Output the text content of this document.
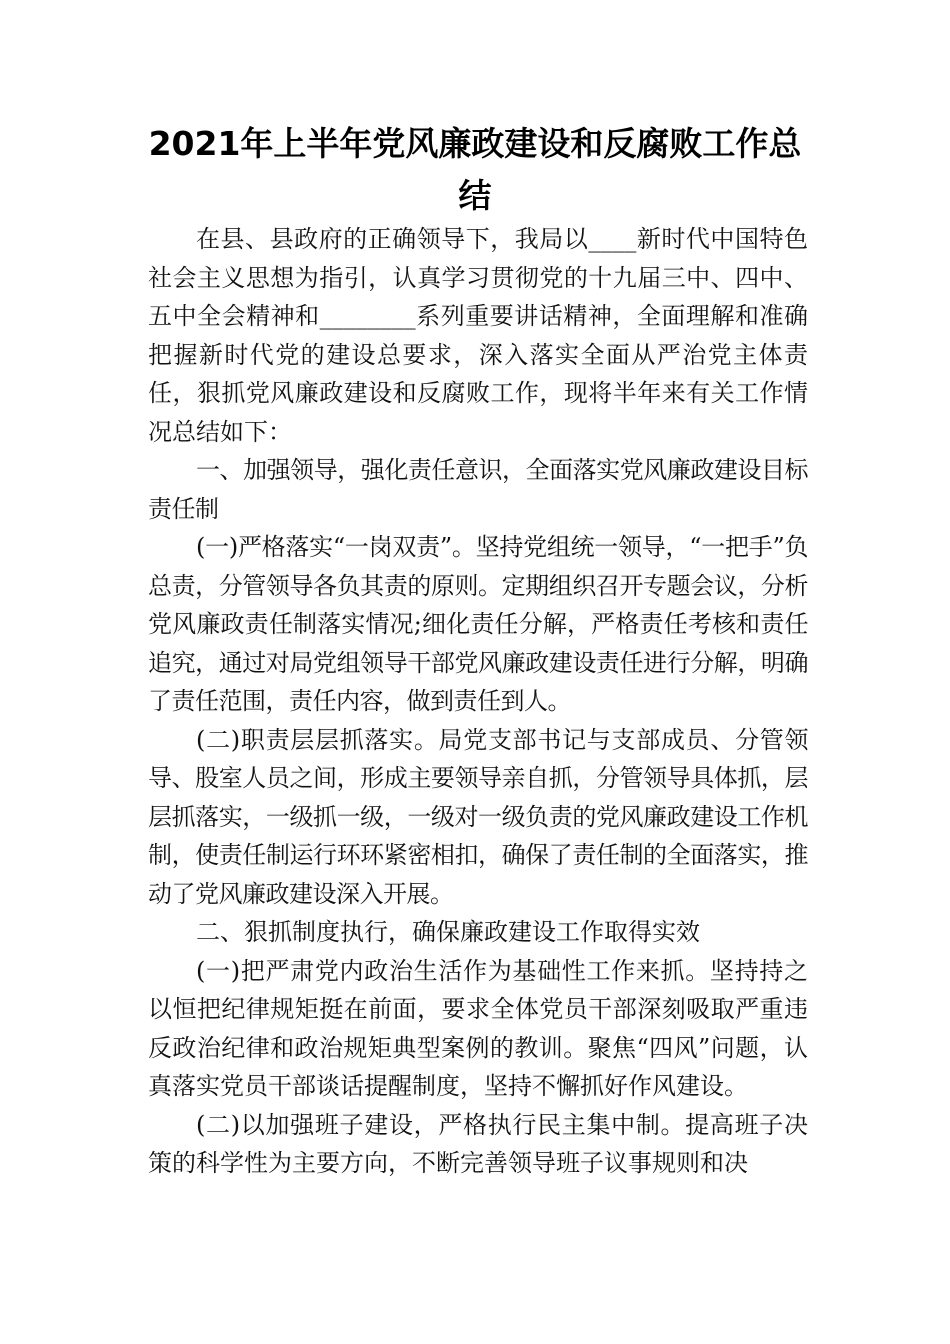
2021年上半年党风廉政建设和反腐败工作总结

在县、县政府的正确领导下，我局以____新时代中国特色社会主义思想为指引，认真学习贯彻党的十九届三中、四中、五中全会精神和________系列重要讲话精神，全面理解和准确把握新时代党的建设总要求，深入落实全面从严治党主体责任，狠抓党风廉政建设和反腐败工作，现将半年来有关工作情况总结如下：

一、加强领导，强化责任意识，全面落实党风廉政建设目标责任制

(一)严格落实“一岗双责”。坚持党组统一领导，“一把手”负总责，分管领导各负其责的原则。定期组织召开专题会议，分析党风廉政责任制落实情况;细化责任分解，严格责任考核和责任追究，通过对局党组领导干部党风廉政建设责任进行分解，明确了责任范围，责任内容，做到责任到人。

(二)职责层层抓落实。局党支部书记与支部成员、分管领导、股室人员之间，形成主要领导亲自抓，分管领导具体抓，层层抓落实，一级抓一级，一级对一级负责的党风廉政建设工作机制，使责任制运行环环紧密相扣，确保了责任制的全面落实，推动了党风廉政建设深入开展。

二、狠抓制度执行，确保廉政建设工作取得实效

(一)把严肃党内政治生活作为基础性工作来抓。坚持持之以恒把纪律规矩挺在前面，要求全体党员干部深刻吸取严重违反政治纪律和政治规矩典型案例的教训。聚焦“四风”问题，认真落实党员干部谈话提醒制度，坚持不懈抓好作风建设。

(二)以加强班子建设，严格执行民主集中制。提高班子决策的科学性为主要方向，不断完善领导班子议事规则和决
